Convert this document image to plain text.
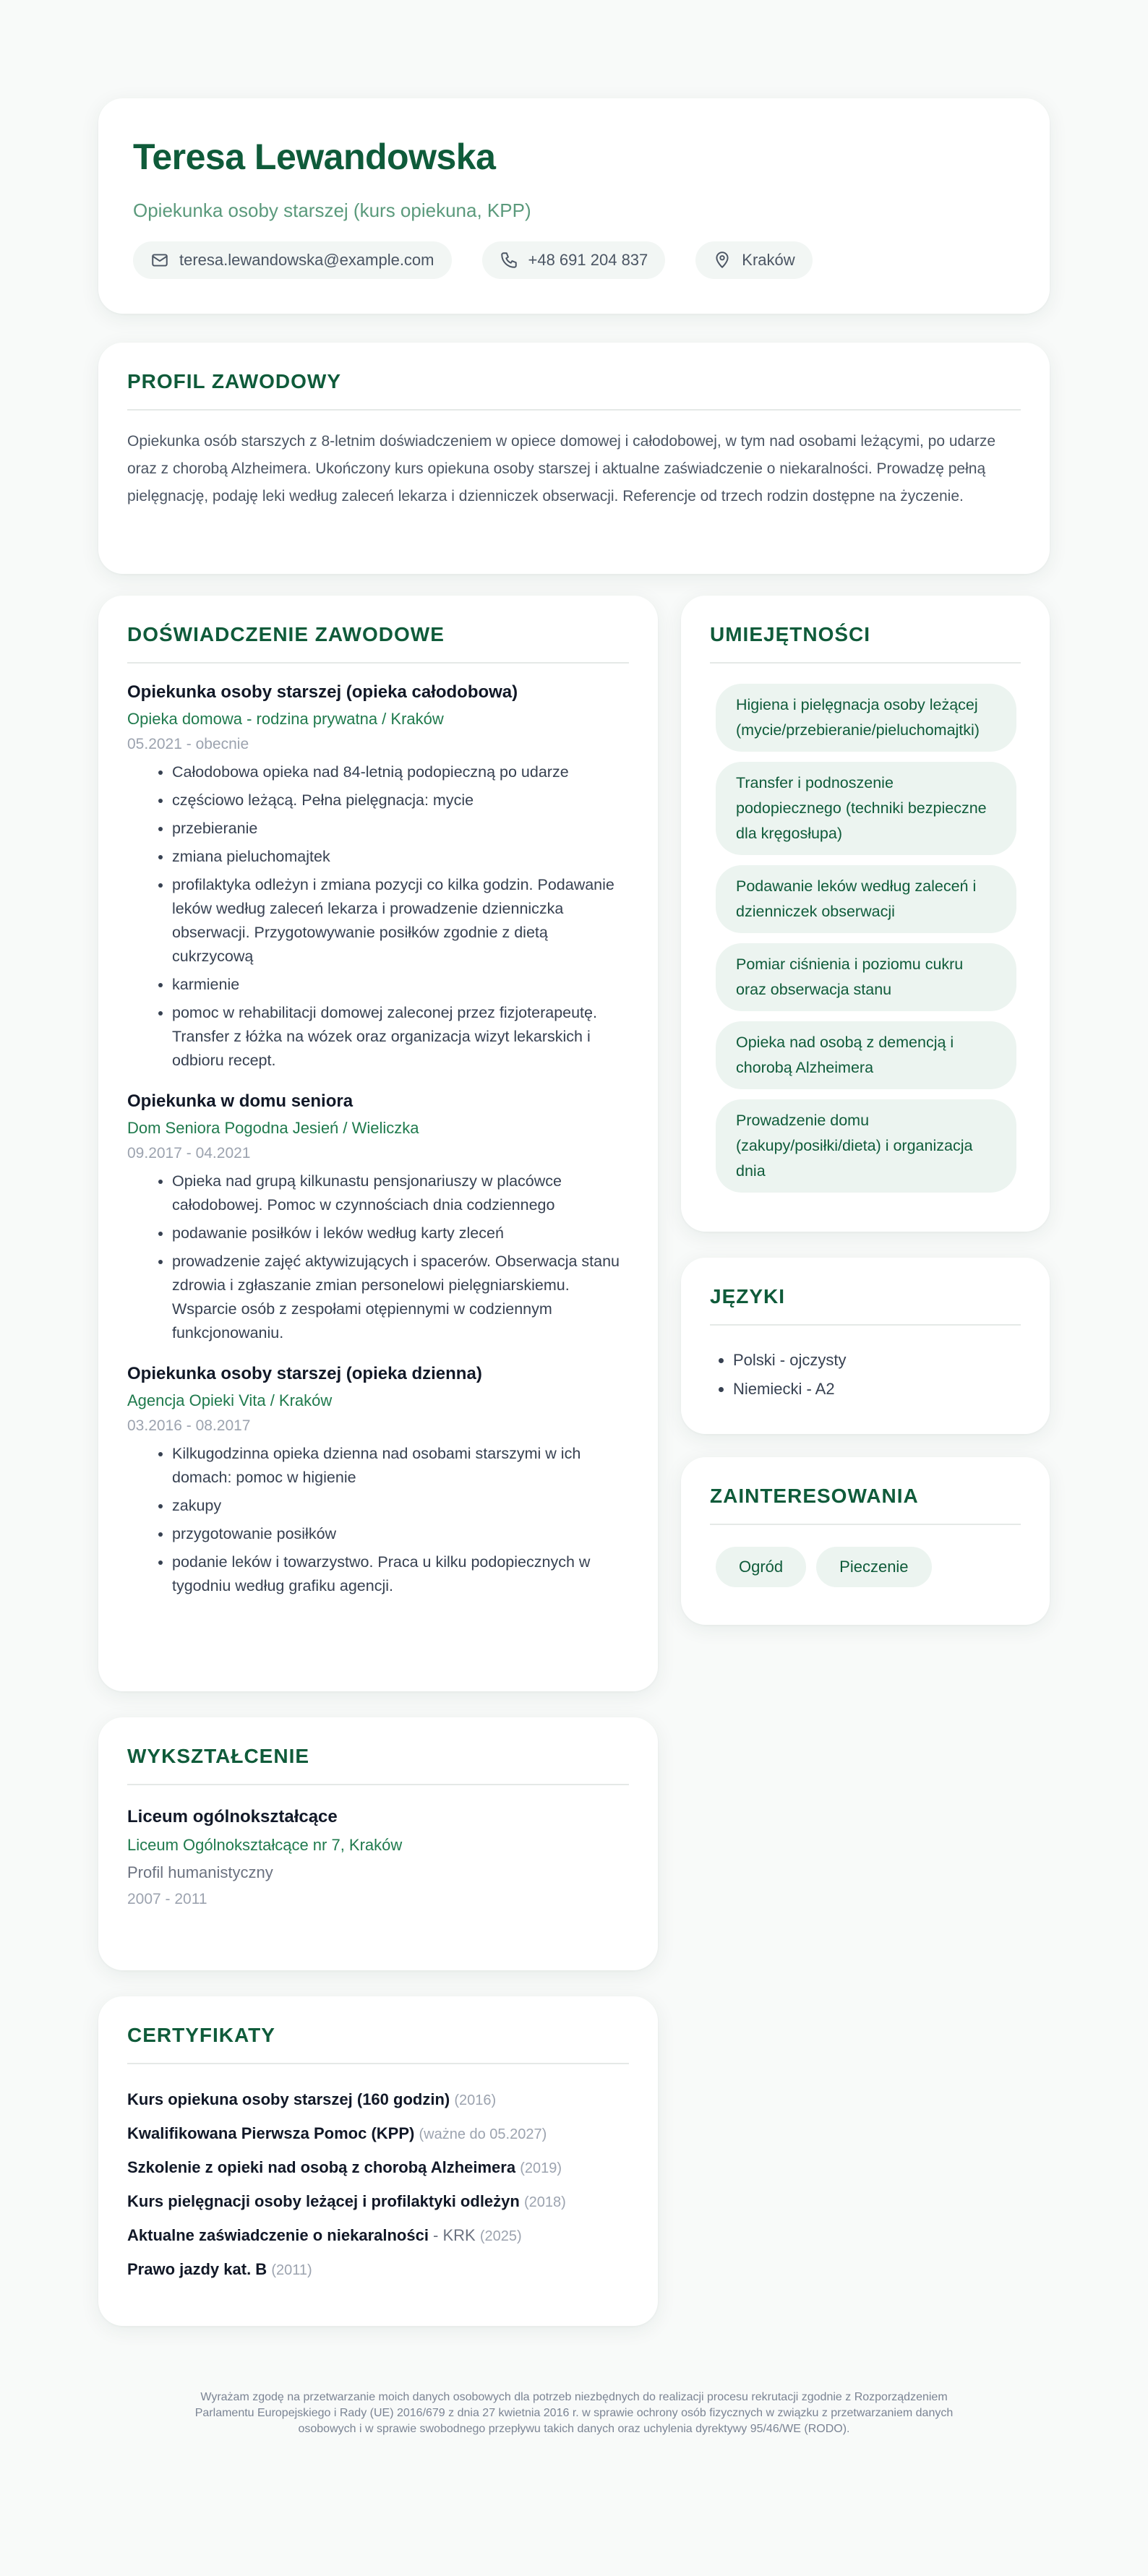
Teresa Lewandowska
Opiekunka osoby starszej (kurs opiekuna, KPP)
teresa.lewandowska@example.com	+48 691 204 837	Kraków
PROFIL ZAWODOWY

Opiekunka osób starszych z 8-letnim doświadczeniem w opiece domowej i całodobowej, w tym nad osobami leżącymi, po udarze oraz z chorobą Alzheimera. Ukończony kurs opiekuna osoby starszej i aktualne zaświadczenie o niekaralności. Prowadzę pełną pielęgnację, podaję leki według zaleceń lekarza i dzienniczek obserwacji. Referencje od trzech rodzin dostępne na życzenie.

DOŚWIADCZENIE ZAWODOWE
Opiekunka osoby starszej (opieka całodobowa)
Opieka domowa - rodzina prywatna / Kraków
05.2021 - obecnie
• Całodobowa opieka nad 84-letnią podopieczną po udarze
• częściowo leżącą. Pełna pielęgnacja: mycie
• przebieranie
• zmiana pieluchomajtek
• profilaktyka odleżyn i zmiana pozycji co kilka godzin. Podawanie leków według zaleceń lekarza i prowadzenie dzienniczka obserwacji. Przygotowywanie posiłków zgodnie z dietą cukrzycową
• karmienie
• pomoc w rehabilitacji domowej zaleconej przez fizjoterapeutę. Transfer z łóżka na wózek oraz organizacja wizyt lekarskich i odbioru recept.
Opiekunka w domu seniora
Dom Seniora Pogodna Jesień / Wieliczka
09.2017 - 04.2021
• Opieka nad grupą kilkunastu pensjonariuszy w placówce całodobowej. Pomoc w czynnościach dnia codziennego
• podawanie posiłków i leków według karty zleceń
• prowadzenie zajęć aktywizujących i spacerów. Obserwacja stanu zdrowia i zgłaszanie zmian personelowi pielęgniarskiemu. Wsparcie osób z zespołami otępiennymi w codziennym funkcjonowaniu.
Opiekunka osoby starszej (opieka dzienna)
Agencja Opieki Vita / Kraków
03.2016 - 08.2017
• Kilkugodzinna opieka dzienna nad osobami starszymi w ich domach: pomoc w higienie
• zakupy
• przygotowanie posiłków
• podanie leków i towarzystwo. Praca u kilku podopiecznych w tygodniu według grafiku agencji.
UMIEJĘTNOŚCI
Higiena i pielęgnacja osoby leżącej (mycie/przebieranie/pieluchomajtki)
Transfer i podnoszenie podopiecznego (techniki bezpieczne dla kręgosłupa)
Podawanie leków według zaleceń i dzienniczek obserwacji
Pomiar ciśnienia i poziomu cukru oraz obserwacja stanu
Opieka nad osobą z demencją i chorobą Alzheimera
Prowadzenie domu (zakupy/posiłki/dieta) i organizacja dnia
JĘZYKI
• Polski - ojczysty
• Niemiecki - A2
ZAINTERESOWANIA
Ogród	Pieczenie
WYKSZTAŁCENIE
Liceum ogólnokształcące
Liceum Ogólnokształcące nr 7, Kraków
Profil humanistyczny
2007 - 2011
CERTYFIKATY
Kurs opiekuna osoby starszej (160 godzin) (2016)
Kwalifikowana Pierwsza Pomoc (KPP) (ważne do 05.2027)
Szkolenie z opieki nad osobą z chorobą Alzheimera (2019)
Kurs pielęgnacji osoby leżącej i profilaktyki odleżyn (2018)
Aktualne zaświadczenie o niekaralności - KRK (2025)
Prawo jazdy kat. B (2011)
Wyrażam zgodę na przetwarzanie moich danych osobowych dla potrzeb niezbędnych do realizacji procesu rekrutacji zgodnie z Rozporządzeniem Parlamentu Europejskiego i Rady (UE) 2016/679 z dnia 27 kwietnia 2016 r. w sprawie ochrony osób fizycznych w związku z przetwarzaniem danych osobowych i w sprawie swobodnego przepływu takich danych oraz uchylenia dyrektywy 95/46/WE (RODO).
